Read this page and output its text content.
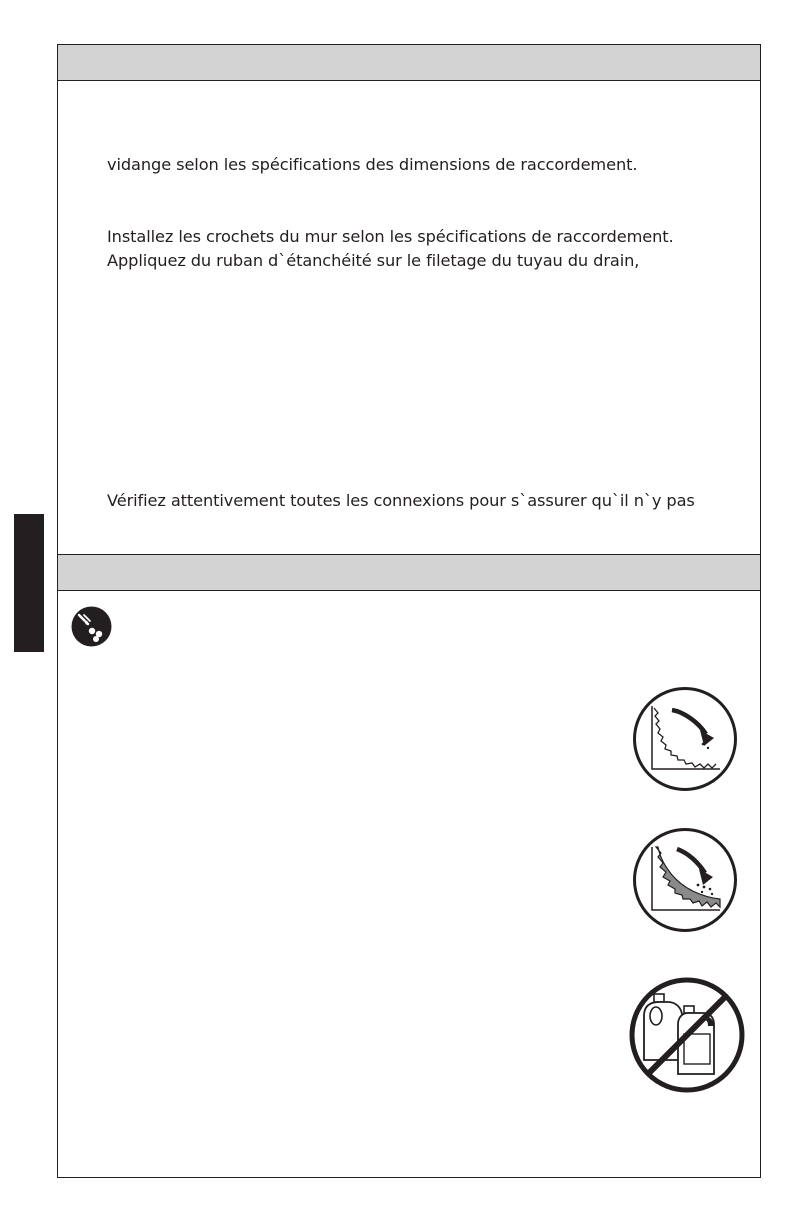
vidange selon les spécifications des dimensions de raccordement.

Installez les crochets du mur selon les spécifications de raccordement.

Appliquez du ruban d`étanchéité sur le filetage du tuyau du drain,

Vérifiez attentivement toutes les connexions pour s`assurer qu`il n`y pas
